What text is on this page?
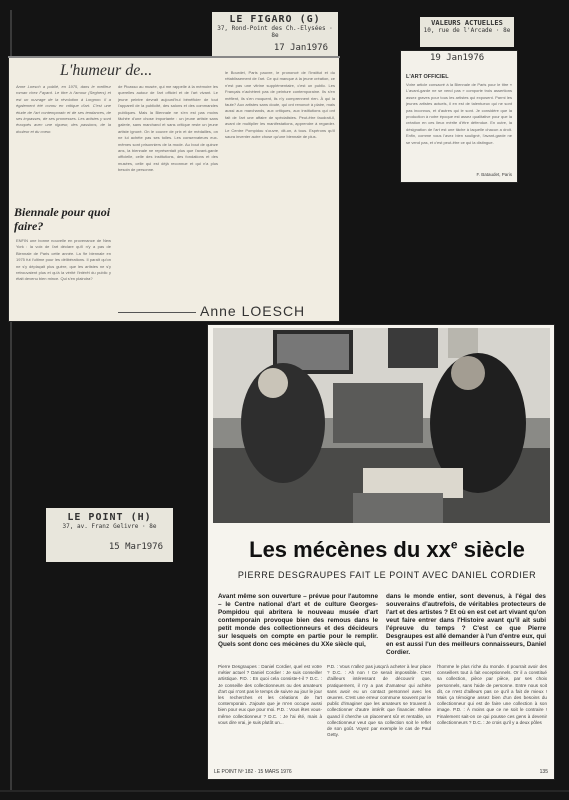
L'humeur de...
Anne Loesch a publié, en 1975, dans le meilleur roman chez Fayard. Le titre à l'amour (Seghers) et est un ouvrage de la révolution à Lorgnon. Il a également été connu en critique d'art. C'est une étude de l'art contemporain et de ses tendances, de ses impasses, de ses promesses. Les artistes y sont évoqués avec une rigueur, des passions, de la douleur et du coeur.
Biennale pour quoi faire?
ENFIN une bonne nouvelle en provenance de New York : la voix de l'art déclare qu'il n'y a pas de Biennale de Paris cette année. La 9e biennale en 1975 fut l'ultime pour les délibérations. Il paraît qu'on ne s'y déplaçait plus guère, que les artistes ne s'y retrouvaient plus et qu'à la vérité l'intérêt du public y était devenu bien mince. Qui s'en plaindra?
de Picasso au musée, qui me rappelle à la mémoire les querelles autour de l'art officiel et de l'art vivant. Le jeune peintre devrait aujourd'hui bénéficier de tout l'appareil de la publicité, des salons et des commandes publiques. Mais la Biennale ne s'en est pas moins fâchée d'une chose importante : un jeune artiste sans galerie, sans marchand et sans critique reste un jeune artiste ignoré. On le couvre de prix et de médailles, on ne lui achète pas ses toiles. Les conservateurs eux-mêmes sont prisonniers de la mode. Au bout de quinze ans, la biennale ne représentait plus que l'avant-garde officielle, celle des institutions, des fondations et des musées, celle qui est déjà reconnue et qui n'a plus besoin de personne.
le Bourdet, Paris pauvre, le prononcé de l'Institut et du rétablissement de l'art. Ce qui manque à la jeune création, ce n'est pas une vitrine supplémentaire, c'est un public. Les Français n'achètent pas de peinture contemporaine. Ils s'en méfient, ils s'en moquent, ils n'y comprennent rien. À qui la faute? Aux artistes sans doute, qui ont renoncé à plaire, mais aussi aux marchands, aux critiques, aux institutions qui ont fait de l'art une affaire de spécialistes. Peut-être faudrait-il, avant de multiplier les manifestations, apprendre à regarder. Le Centre Pompidou s'ouvre, dit-on, à tous. Espérons qu'il saura inventer autre chose qu'une biennale de plus.
Anne LOESCH
LE FIGARO (G)
37, Rond-Point des Ch.-Elysées · 8e
17 Jan1976
VALEURS ACTUELLES
10, rue de l'Arcade · 8e
19 Jan1976
L'ART OFFICIEL
Votre article consacré à la Biennale de Paris pour le titre « L'avant-garde ne se vend pas » comporte trois assertions assez graves pour tous les artistes qui exposent. Parmi les jeunes artistes actuels, il en est de talentueux qui ne sont pas inconnus, et d'autres qui le sont. Je considère que la production à notre époque est assez qualitative pour que la création en ces lieux mérite d'être défendue. En outre, la désignation de l'art est une tâche à laquelle chacun a droit. Enfin, comme vous l'avez bien souligné, l'avant-garde ne se vend pas, et c'est peut-être ce qui la distingue.
F. Bataudet, Paris
LE POINT (H)
37, av. Franz Gelivre · 8e
15 Mar1976	Les mécènes du $xx^e$ siècle
PIERRE DESGRAUPES FAIT LE POINT AVEC DANIEL CORDIER
Avant même son ouverture – prévue pour l'automne – le Centre national d'art et de culture Georges-Pompidou qui abritera le nouveau musée d'art contemporain provoque bien des remous dans le petit monde des collectionneurs et des décideurs sur lesquels on compte en partie pour le remplir. Quels sont donc ces mécènes du XXe siècle qui,
dans le monde entier, sont devenus, à l'égal des souverains d'autrefois, de véritables protecteurs de l'art et des artistes ? Et où en est cet art vivant qu'on veut faire entrer dans l'Histoire avant qu'il ait subi l'épreuve du temps ? C'est ce que Pierre Desgraupes est allé demander à l'un d'entre eux, qui en est aussi l'un des meilleurs connaisseurs, Daniel Cordier.
Pierre Desgraupes : Daniel Cordier, quel est votre métier actuel ? Daniel Cordier : Je suis conseiller artistique. P.D. : En quoi cela consiste-t-il ? D.C. : Je conseille des collectionneurs ou des amateurs d'art qui n'ont pas le temps de suivre au jour le jour les recherches et les créations de l'art contemporain. J'ajoute que je m'en occupe aussi bien pour eux que pour moi. P.D. : Vous êtes vous-même collectionneur ? D.C. : Je l'ai été, mais à vous dire vrai, je suis plutôt un...
P.D. : Vous n'allez pas jusqu'à acheter à leur place ? D.C. : Ah non ! Ce serait impossible. C'est d'ailleurs intéressant de découvrir que, pratiquement, il n'y a pas d'amateur qui achète sans avoir eu un contact personnel avec les œuvres. C'est une erreur commune souvent par le public d'imaginer que les amateurs se trouvent à collectionner d'autre intérêt que financier. Même quand il cherche un placement sûr et rentable, un collectionneur veut que sa collection soit le reflet de son goût. Voyez par exemple le cas de Paul Getty.
l'homme le plus riche du monde. Il pourrait avoir des conseillers tout à fait exceptionnels. Or il a constitué sa collection, pièce par pièce, par ses choix personnels, sans l'aide de personne. Entre nous soit dit, ce n'est d'ailleurs pas ce qu'il a fait de mieux ! Mais ça témoigne assez bien d'un des besoins du collectionneur qui est de faire une collection à son image. P.D. : À moins que ce ne soit le contraire ! Finalement sait-on ce qui pousse ces gens à devenir collectionneurs ? D.C. : Je crois qu'il y a deux pôles
LE POINT Nº 182 · 15 MARS 1976	135
